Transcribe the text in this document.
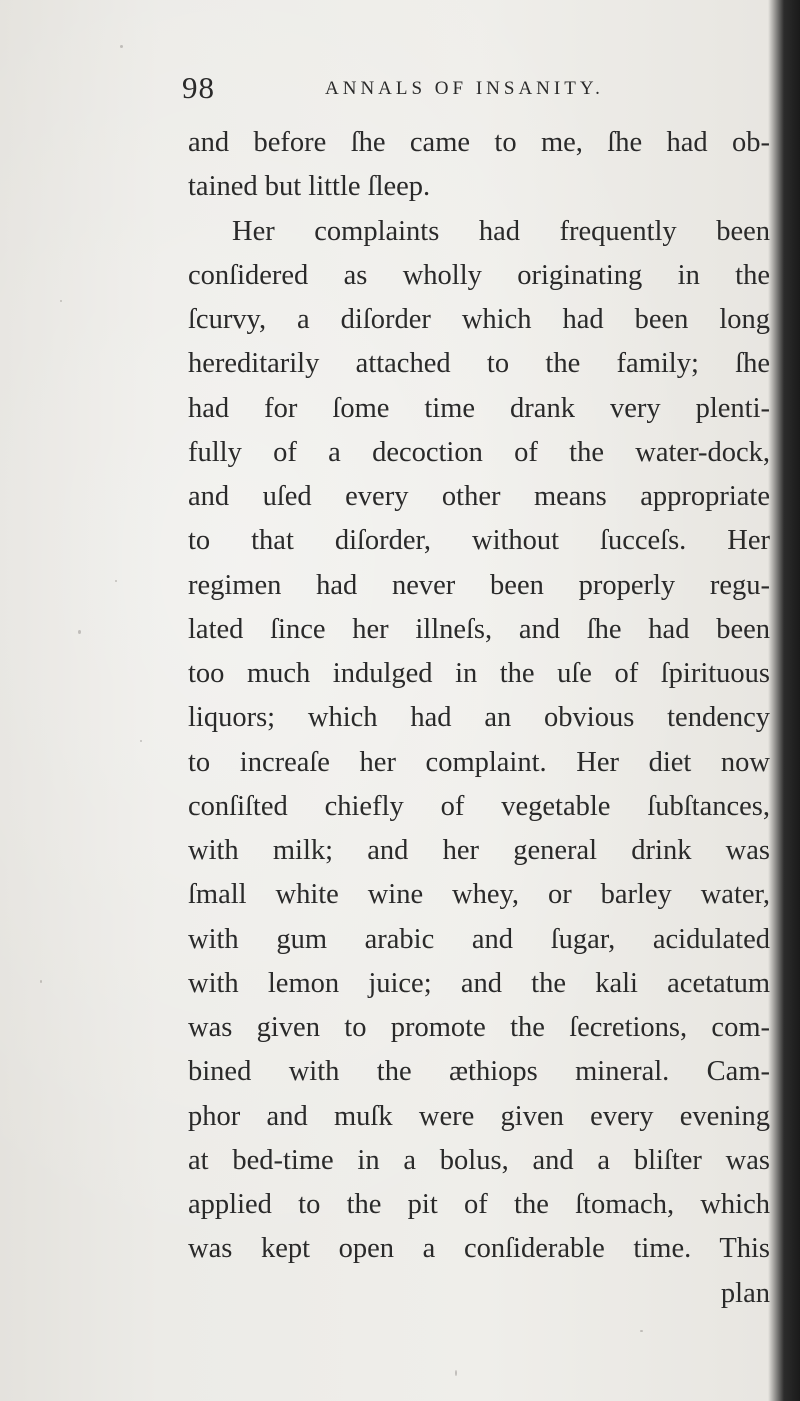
98	ANNALS OF INSANITY.
and before ſhe came to me, ſhe had ob-
tained but little ſleep.
Her complaints had frequently been
conſidered as wholly originating in the
ſcurvy, a diſorder which had been long
hereditarily attached to the family; ſhe
had for ſome time drank very plenti-
fully of a decoction of the water-dock,
and uſed every other means appropriate
to that diſorder, without ſucceſs. Her
regimen had never been properly regu-
lated ſince her illneſs, and ſhe had been
too much indulged in the uſe of ſpirituous
liquors; which had an obvious tendency
to increaſe her complaint. Her diet now
conſiſted chiefly of vegetable ſubſtances,
with milk; and her general drink was
ſmall white wine whey, or barley water,
with gum arabic and ſugar, acidulated
with lemon juice; and the kali acetatum
was given to promote the ſecretions, com-
bined with the æthiops mineral. Cam-
phor and muſk were given every evening
at bed-time in a bolus, and a bliſter was
applied to the pit of the ſtomach, which
was kept open a conſiderable time. This
plan
